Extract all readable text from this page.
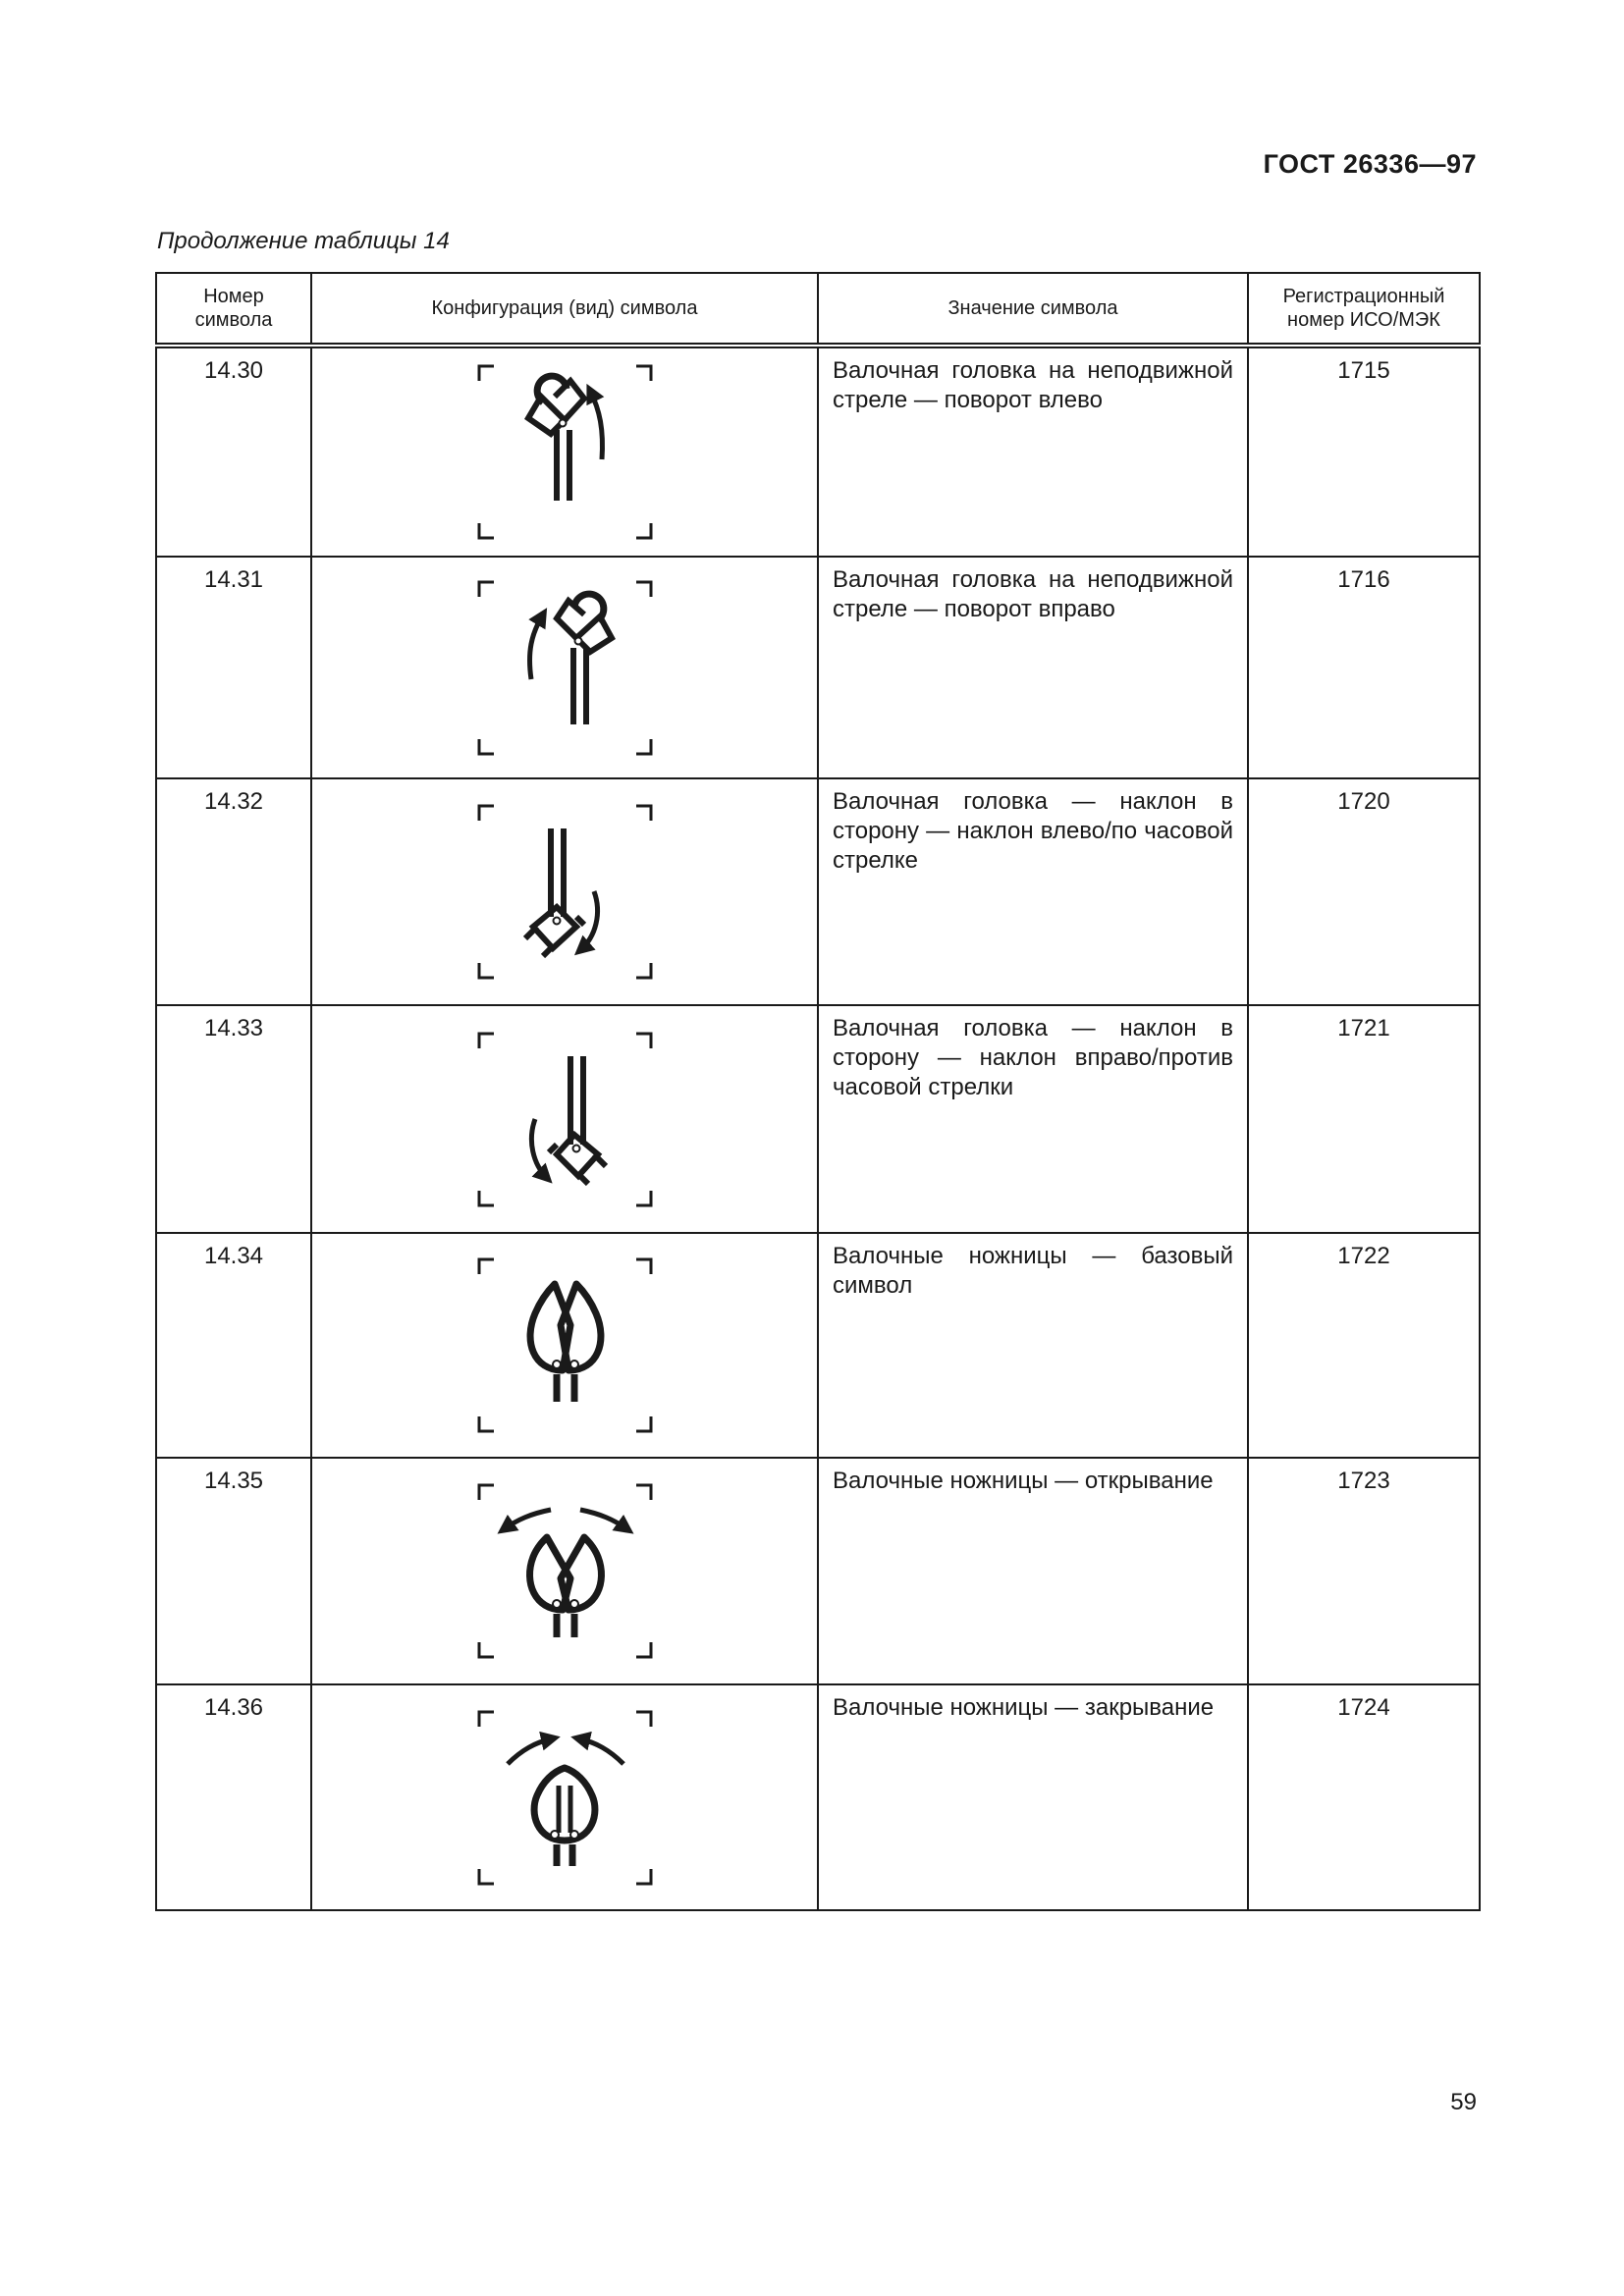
ГОСТ 26336—97
Продолжение таблицы 14
Номер символа	Конфигурация (вид) символа	Значение символа	Регистрационный номер ИСО/МЭК
14.30		Валочная головка на неподвижной стреле — поворот влево	1715
14.31		Валочная головка на неподвижной стреле — поворот вправо	1716
14.32		Валочная головка — наклон в сторону — наклон влево/по часовой стрелке	1720
14.33		Валочная головка — наклон в сторону — наклон вправо/против часовой стрелки	1721
14.34		Валочные ножницы — базовый символ	1722
14.35		Валочные ножницы — открывание	1723
14.36		Валочные ножницы — закрывание	1724
59
